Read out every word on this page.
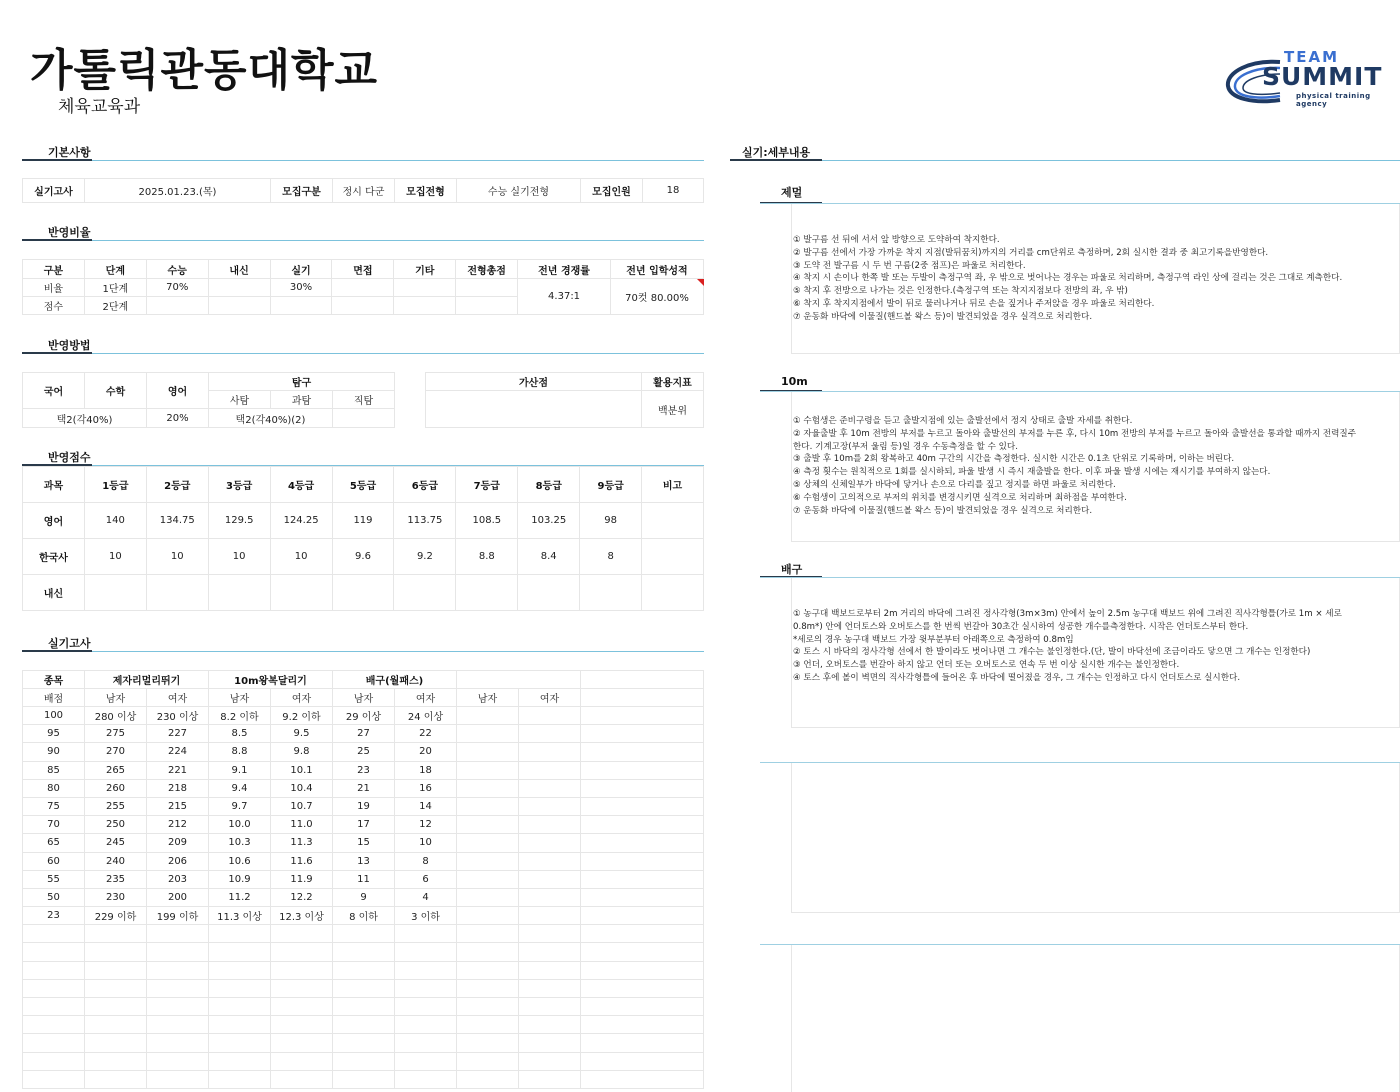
가톨릭관동대학교
체육교육과
TEAM
SUMMIT
physical training agency
기본사항
반영비율
반영방법
반영점수
실기고사
실기:세부내용
실기고사	2025.01.23.(목)	모집구분	정시 다군	모집전형	수능 실기전형	모집인원	18
구분	단계	수능	내신	실기	면접	기타	전형총점	전년 경쟁률	전년 입학성적
비율	1단계	70%		30%				4.37:1	70컷 80.00%
점수	2단계								
국어	수학	영어	탐구		
			사탐	과탐	직탐
택2(각40%)		20%	택2(각40%)(2)		
가산점	활용지표
	백분위
과목	1등급	2등급	3등급	4등급	5등급	6등급	7등급	8등급	9등급	비고
영어	140	134.75	129.5	124.25	119	113.75	108.5	103.25	98	
한국사	10	10	10	10	9.6	9.2	8.8	8.4	8	
내신										
종목	제자리멀리뛰기		10m왕복달리기		배구(월패스)				
배점	남자	여자	남자	여자	남자	여자	남자	여자	
100	280 이상	230 이상	8.2 이하	9.2 이하	29 이상	24 이상			
95	275	227	8.5	9.5	27	22			
90	270	224	8.8	9.8	25	20			
85	265	221	9.1	10.1	23	18			
80	260	218	9.4	10.4	21	16			
75	255	215	9.7	10.7	19	14			
70	250	212	10.0	11.0	17	12			
65	245	209	10.3	11.3	15	10			
60	240	206	10.6	11.6	13	8			
55	235	203	10.9	11.9	11	6			
50	230	200	11.2	12.2	9	4			
23	229 이하	199 이하	11.3 이상	12.3 이상	8 이하	3 이하			

제멀
① 발구름 선 뒤에 서서 앞 방향으로 도약하여 착지한다.
② 발구름 선에서 가장 가까운 착지 지점(발뒤꿈치)까지의 거리를 cm단위로 측정하며, 2회 실시한 결과 중 최고기록을반영한다.
③ 도약 전 발구름 시 두 번 구름(2중 점프)은 파울로 처리한다.
④ 착지 시 손이나 한쪽 발 또는 두발이 측정구역 좌, 우 밖으로 벗어나는 경우는 파울로 처리하며, 측정구역 라인 상에 걸리는 것은 그대로 계측한다.
⑤ 착지 후 전방으로 나가는 것은 인정한다.(측정구역 또는 착지지점보다 전방의 좌, 우 밖)
⑥ 착지 후 착지지점에서 발이 뒤로 물러나거나 뒤로 손을 짚거나 주저앉을 경우 파울로 처리한다.
⑦ 운동화 바닥에 이물질(핸드볼 왁스 등)이 발견되었을 경우 실격으로 처리한다.
10m
① 수험생은 준비구령을 듣고 출발지점에 있는 출발선에서 정지 상태로 출발 자세를 취한다.
② 자율출발 후 10m 전방의 부저를 누르고 돌아와 출발선의 부저를 누른 후, 다시 10m 전방의 부저를 누르고 돌아와 출발선을 통과할 때까지 전력질주
한다. 기계고장(부저 울림 등)일 경우 수동측정을 할 수 있다.
③ 출발 후 10m를 2회 왕복하고 40m 구간의 시간을 측정한다. 실시한 시간은 0.1초 단위로 기록하며, 이하는 버린다.
④ 측정 횟수는 원칙적으로 1회를 실시하되, 파울 발생 시 즉시 재출발을 한다. 이후 파울 발생 시에는 재시기를 부여하지 않는다.
⑤ 상체의 신체일부가 바닥에 닿거나 손으로 다리를 짚고 정지를 하면 파울로 처리한다.
⑥ 수험생이 고의적으로 부저의 위치를 변경시키면 실격으로 처리하며 최하점을 부여한다.
⑦ 운동화 바닥에 이물질(핸드볼 왁스 등)이 발견되었을 경우 실격으로 처리한다.
배구
① 농구대 백보드로부터 2m 거리의 바닥에 그려진 정사각형(3m×3m) 안에서 높이 2.5m 농구대 백보드 위에 그려진 직사각형틀(가로 1m × 세로
0.8m*) 안에 언더토스와 오버토스를 한 번씩 번갈아 30초간 실시하여 성공한 개수를측정한다. 시작은 언더토스부터 한다.
*세로의 경우 농구대 백보드 가장 윗부분부터 아래쪽으로 측정하여 0.8m임
② 토스 시 바닥의 정사각형 선에서 한 발이라도 벗어나면 그 개수는 불인정한다.(단, 발이 바닥선에 조금이라도 닿으면 그 개수는 인정한다)
③ 언더, 오버토스를 번갈아 하지 않고 언더 또는 오버토스로 연속 두 번 이상 실시한 개수는 불인정한다.
④ 토스 후에 볼이 벽면의 직사각형틀에 들어온 후 바닥에 떨어졌을 경우, 그 개수는 인정하고 다시 언더토스로 실시한다.
